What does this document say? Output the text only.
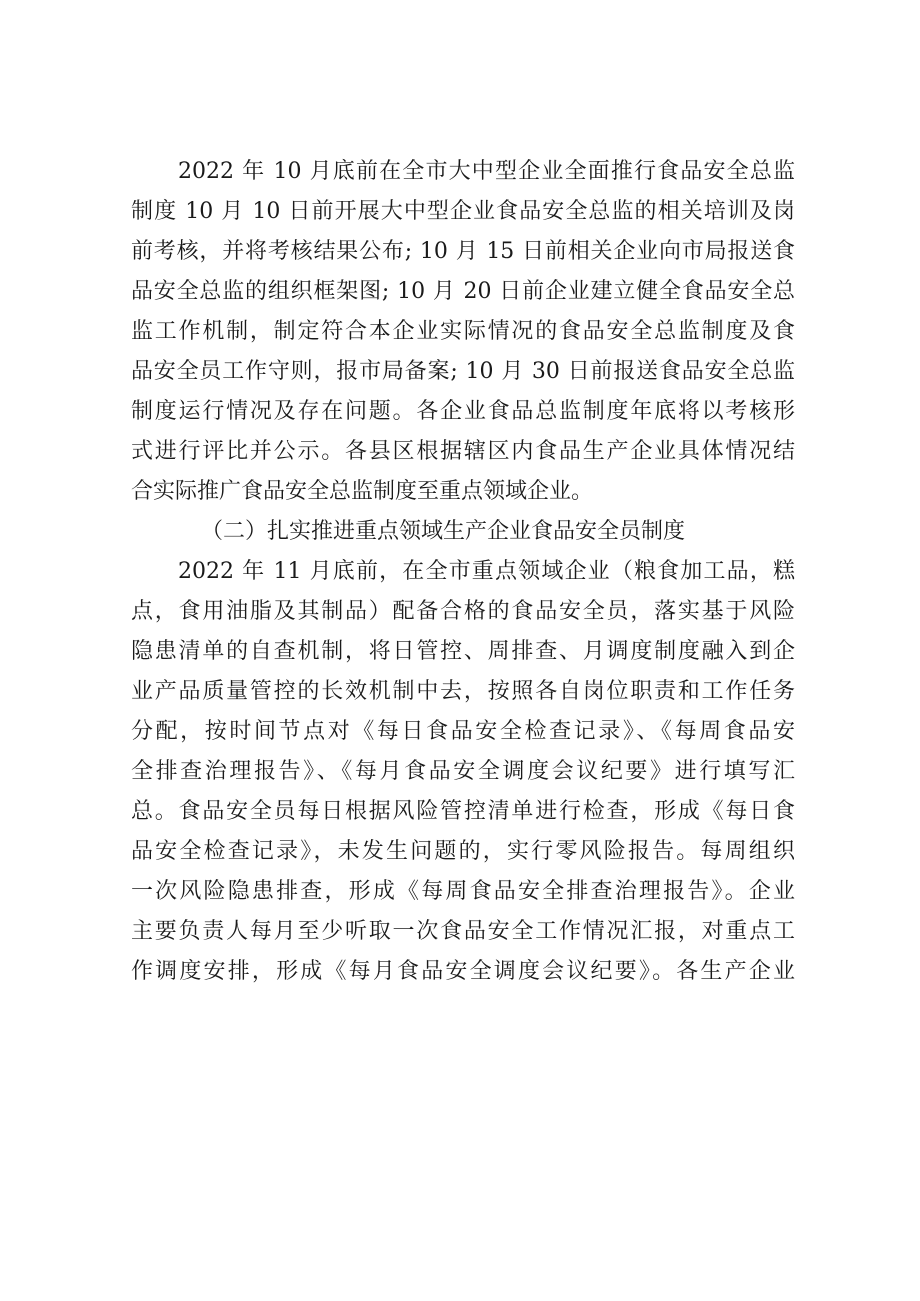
2022 年 10 月底前在全市大中型企业全面推行食品安全总监
制度 10 月 10 日前开展大中型企业食品安全总监的相关培训及岗
前考核，并将考核结果公布; 10 月 15 日前相关企业向市局报送食
品安全总监的组织框架图; 10 月 20 日前企业建立健全食品安全总
监工作机制，制定符合本企业实际情况的食品安全总监制度及食
品安全员工作守则，报市局备案; 10 月 30 日前报送食品安全总监
制度运行情况及存在问题。各企业食品总监制度年底将以考核形
式进行评比并公示。各县区根据辖区内食品生产企业具体情况结
合实际推广食品安全总监制度至重点领域企业。
（二）扎实推进重点领域生产企业食品安全员制度
2022 年 11 月底前，在全市重点领域企业（粮食加工品，糕
点，食用油脂及其制品）配备合格的食品安全员，落实基于风险
隐患清单的自查机制，将日管控、周排查、月调度制度融入到企
业产品质量管控的长效机制中去，按照各自岗位职责和工作任务
分配，按时间节点对《每日食品安全检查记录》、《每周食品安
全排查治理报告》、《每月食品安全调度会议纪要》进行填写汇
总。食品安全员每日根据风险管控清单进行检查，形成《每日食
品安全检查记录》，未发生问题的，实行零风险报告。每周组织
一次风险隐患排查，形成《每周食品安全排查治理报告》。企业
主要负责人每月至少听取一次食品安全工作情况汇报，对重点工
作调度安排，形成《每月食品安全调度会议纪要》。各生产企业
